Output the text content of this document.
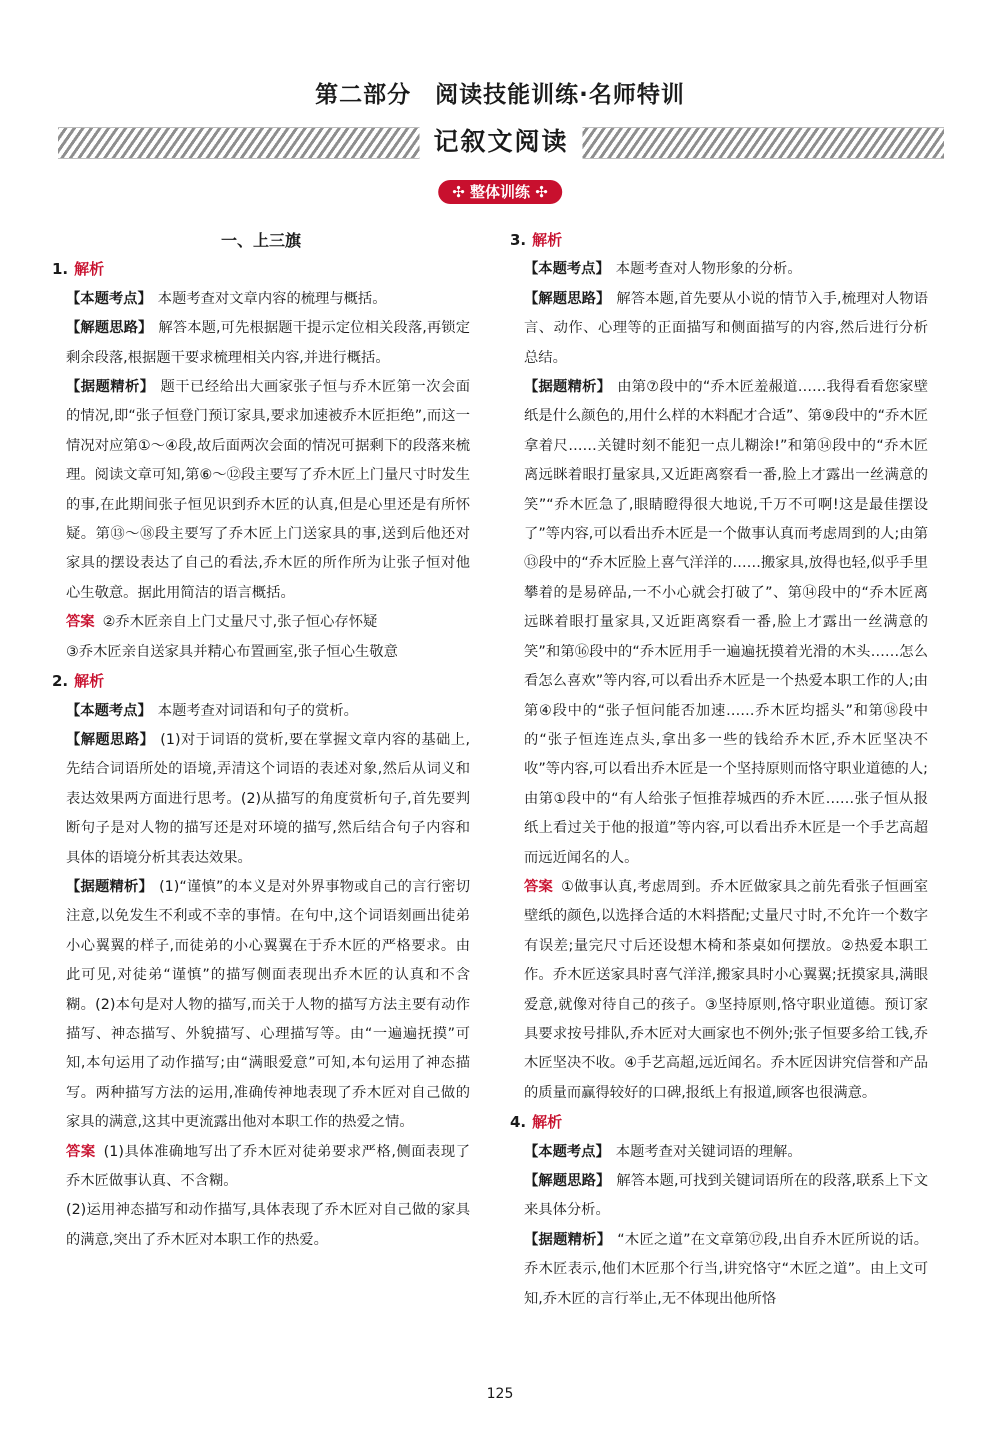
第二部分　阅读技能训练·名师特训
记叙文阅读
✣ 整体训练 ✣

一、上三旗

1. 解析

【本题考点】 本题考查对文章内容的梳理与概括。

【解题思路】 解答本题,可先根据题干提示定位相关段落,再锁定剩余段落,根据题干要求梳理相关内容,并进行概括。

【据题精析】 题干已经给出大画家张子恒与乔木匠第一次会面的情况,即“张子恒登门预订家具,要求加速被乔木匠拒绝”,而这一情况对应第①～④段,故后面两次会面的情况可据剩下的段落来梳理。阅读文章可知,第⑥～⑫段主要写了乔木匠上门量尺寸时发生的事,在此期间张子恒见识到乔木匠的认真,但是心里还是有所怀疑。第⑬～⑱段主要写了乔木匠上门送家具的事,送到后他还对家具的摆设表达了自己的看法,乔木匠的所作所为让张子恒对他心生敬意。据此用简洁的语言概括。

答案 ②乔木匠亲自上门丈量尺寸,张子恒心存怀疑

③乔木匠亲自送家具并精心布置画室,张子恒心生敬意

2. 解析

【本题考点】 本题考查对词语和句子的赏析。

【解题思路】 (1)对于词语的赏析,要在掌握文章内容的基础上,先结合词语所处的语境,弄清这个词语的表述对象,然后从词义和表达效果两方面进行思考。(2)从描写的角度赏析句子,首先要判断句子是对人物的描写还是对环境的描写,然后结合句子内容和具体的语境分析其表达效果。

【据题精析】 (1)“谨慎”的本义是对外界事物或自己的言行密切注意,以免发生不利或不幸的事情。在句中,这个词语刻画出徒弟小心翼翼的样子,而徒弟的小心翼翼在于乔木匠的严格要求。由此可见,对徒弟“谨慎”的描写侧面表现出乔木匠的认真和不含糊。(2)本句是对人物的描写,而关于人物的描写方法主要有动作描写、神态描写、外貌描写、心理描写等。由“一遍遍抚摸”可知,本句运用了动作描写;由“满眼爱意”可知,本句运用了神态描写。两种描写方法的运用,准确传神地表现了乔木匠对自己做的家具的满意,这其中更流露出他对本职工作的热爱之情。

答案 (1)具体准确地写出了乔木匠对徒弟要求严格,侧面表现了乔木匠做事认真、不含糊。

(2)运用神态描写和动作描写,具体表现了乔木匠对自己做的家具的满意,突出了乔木匠对本职工作的热爱。

3. 解析

【本题考点】 本题考查对人物形象的分析。

【解题思路】 解答本题,首先要从小说的情节入手,梳理对人物语言、动作、心理等的正面描写和侧面描写的内容,然后进行分析总结。

【据题精析】 由第⑦段中的“乔木匠羞赧道……我得看看您家壁纸是什么颜色的,用什么样的木料配才合适”、第⑨段中的“乔木匠拿着尺……关键时刻不能犯一点儿糊涂!”和第⑭段中的“乔木匠离远眯着眼打量家具,又近距离察看一番,脸上才露出一丝满意的笑”“乔木匠急了,眼睛瞪得很大地说,千万不可啊!这是最佳摆设了”等内容,可以看出乔木匠是一个做事认真而考虑周到的人;由第⑬段中的“乔木匠脸上喜气洋洋的……搬家具,放得也轻,似乎手里攀着的是易碎品,一不小心就会打破了”、第⑭段中的“乔木匠离远眯着眼打量家具,又近距离察看一番,脸上才露出一丝满意的笑”和第⑯段中的“乔木匠用手一遍遍抚摸着光滑的木头……怎么看怎么喜欢”等内容,可以看出乔木匠是一个热爱本职工作的人;由第④段中的“张子恒问能否加速……乔木匠均摇头”和第⑱段中的“张子恒连连点头,拿出多一些的钱给乔木匠,乔木匠坚决不收”等内容,可以看出乔木匠是一个坚持原则而恪守职业道德的人;由第①段中的“有人给张子恒推荐城西的乔木匠……张子恒从报纸上看过关于他的报道”等内容,可以看出乔木匠是一个手艺高超而远近闻名的人。

答案 ①做事认真,考虑周到。乔木匠做家具之前先看张子恒画室壁纸的颜色,以选择合适的木料搭配;丈量尺寸时,不允许一个数字有误差;量完尺寸后还设想木椅和茶桌如何摆放。②热爱本职工作。乔木匠送家具时喜气洋洋,搬家具时小心翼翼;抚摸家具,满眼爱意,就像对待自己的孩子。③坚持原则,恪守职业道德。预订家具要求按号排队,乔木匠对大画家也不例外;张子恒要多给工钱,乔木匠坚决不收。④手艺高超,远近闻名。乔木匠因讲究信誉和产品的质量而赢得较好的口碑,报纸上有报道,顾客也很满意。

4. 解析

【本题考点】 本题考查对关键词语的理解。

【解题思路】 解答本题,可找到关键词语所在的段落,联系上下文来具体分析。

【据题精析】 “木匠之道”在文章第⑰段,出自乔木匠所说的话。乔木匠表示,他们木匠那个行当,讲究恪守“木匠之道”。由上文可知,乔木匠的言行举止,无不体现出他所恪

125
